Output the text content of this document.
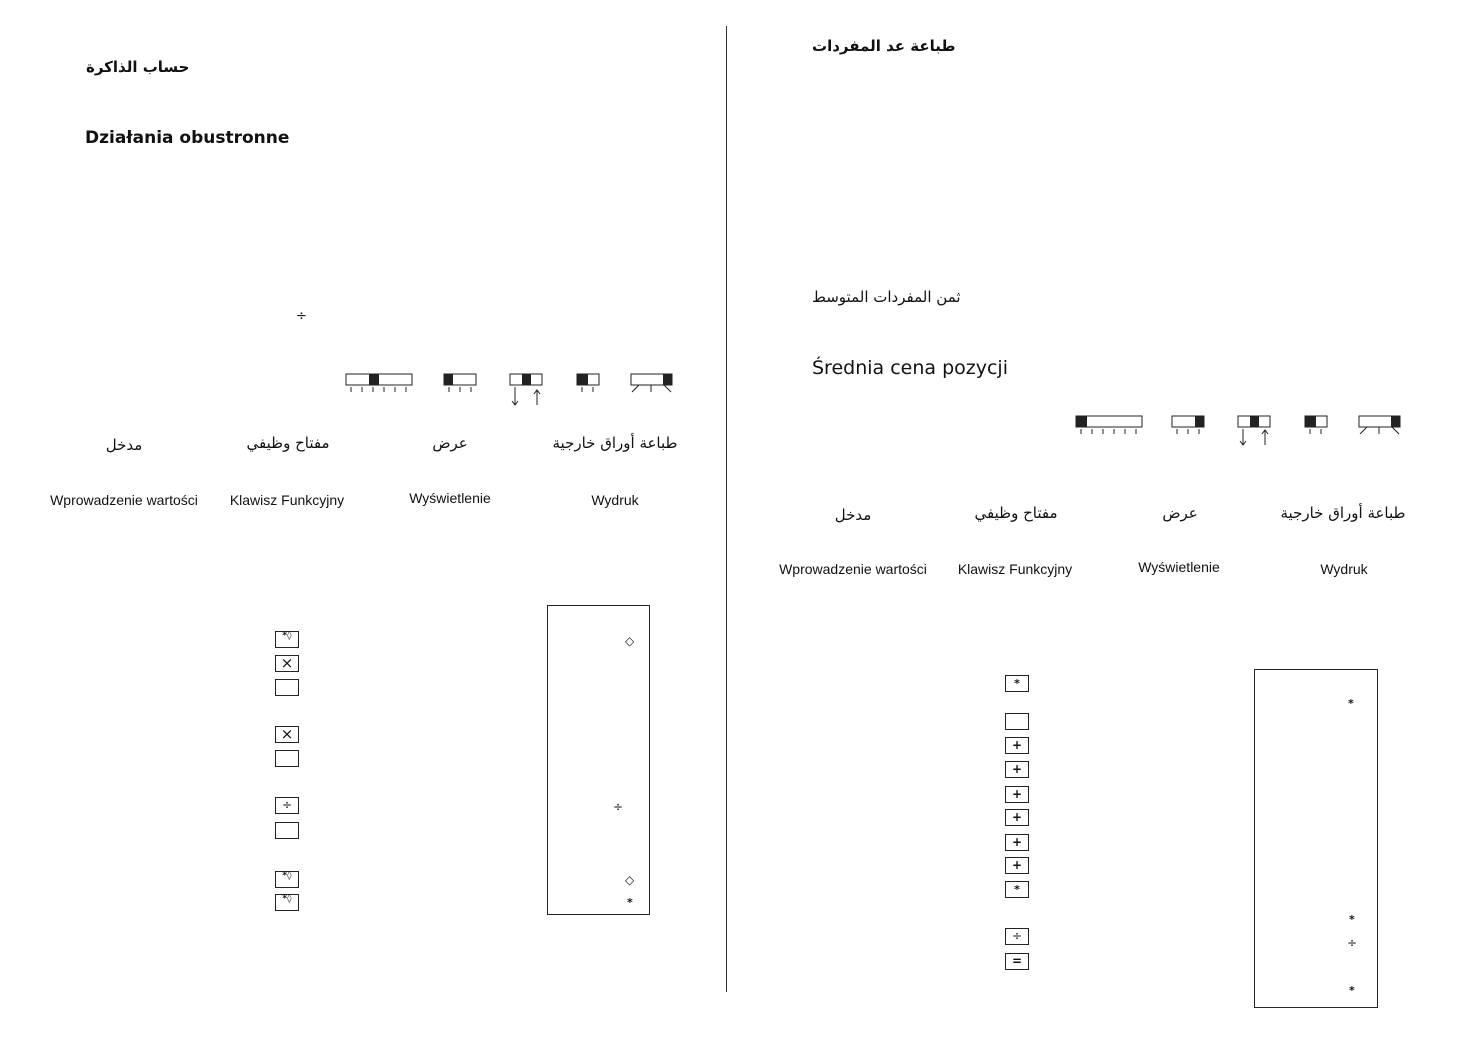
حساب الذاكرة
Działania obustronne
÷
مدخل	مفتاح وظيفي	عرض	طباعة أوراق خارجية
Wprowadzenie wartości	Klawisz Funkcyjny	Wyświetlenie	Wydruk
*◊
×
×
÷
*◊
*◊
◇
÷
◇
*
طباعة عد المفردات
ثمن المفردات المتوسط
Średnia cena pozycji
مدخل	مفتاح وظيفي	عرض	طباعة أوراق خارجية
Wprowadzenie wartości	Klawisz Funkcyjny	Wyświetlenie	Wydruk
*
+
+
+
+
+
+
*
÷
=
*
*
÷
*
